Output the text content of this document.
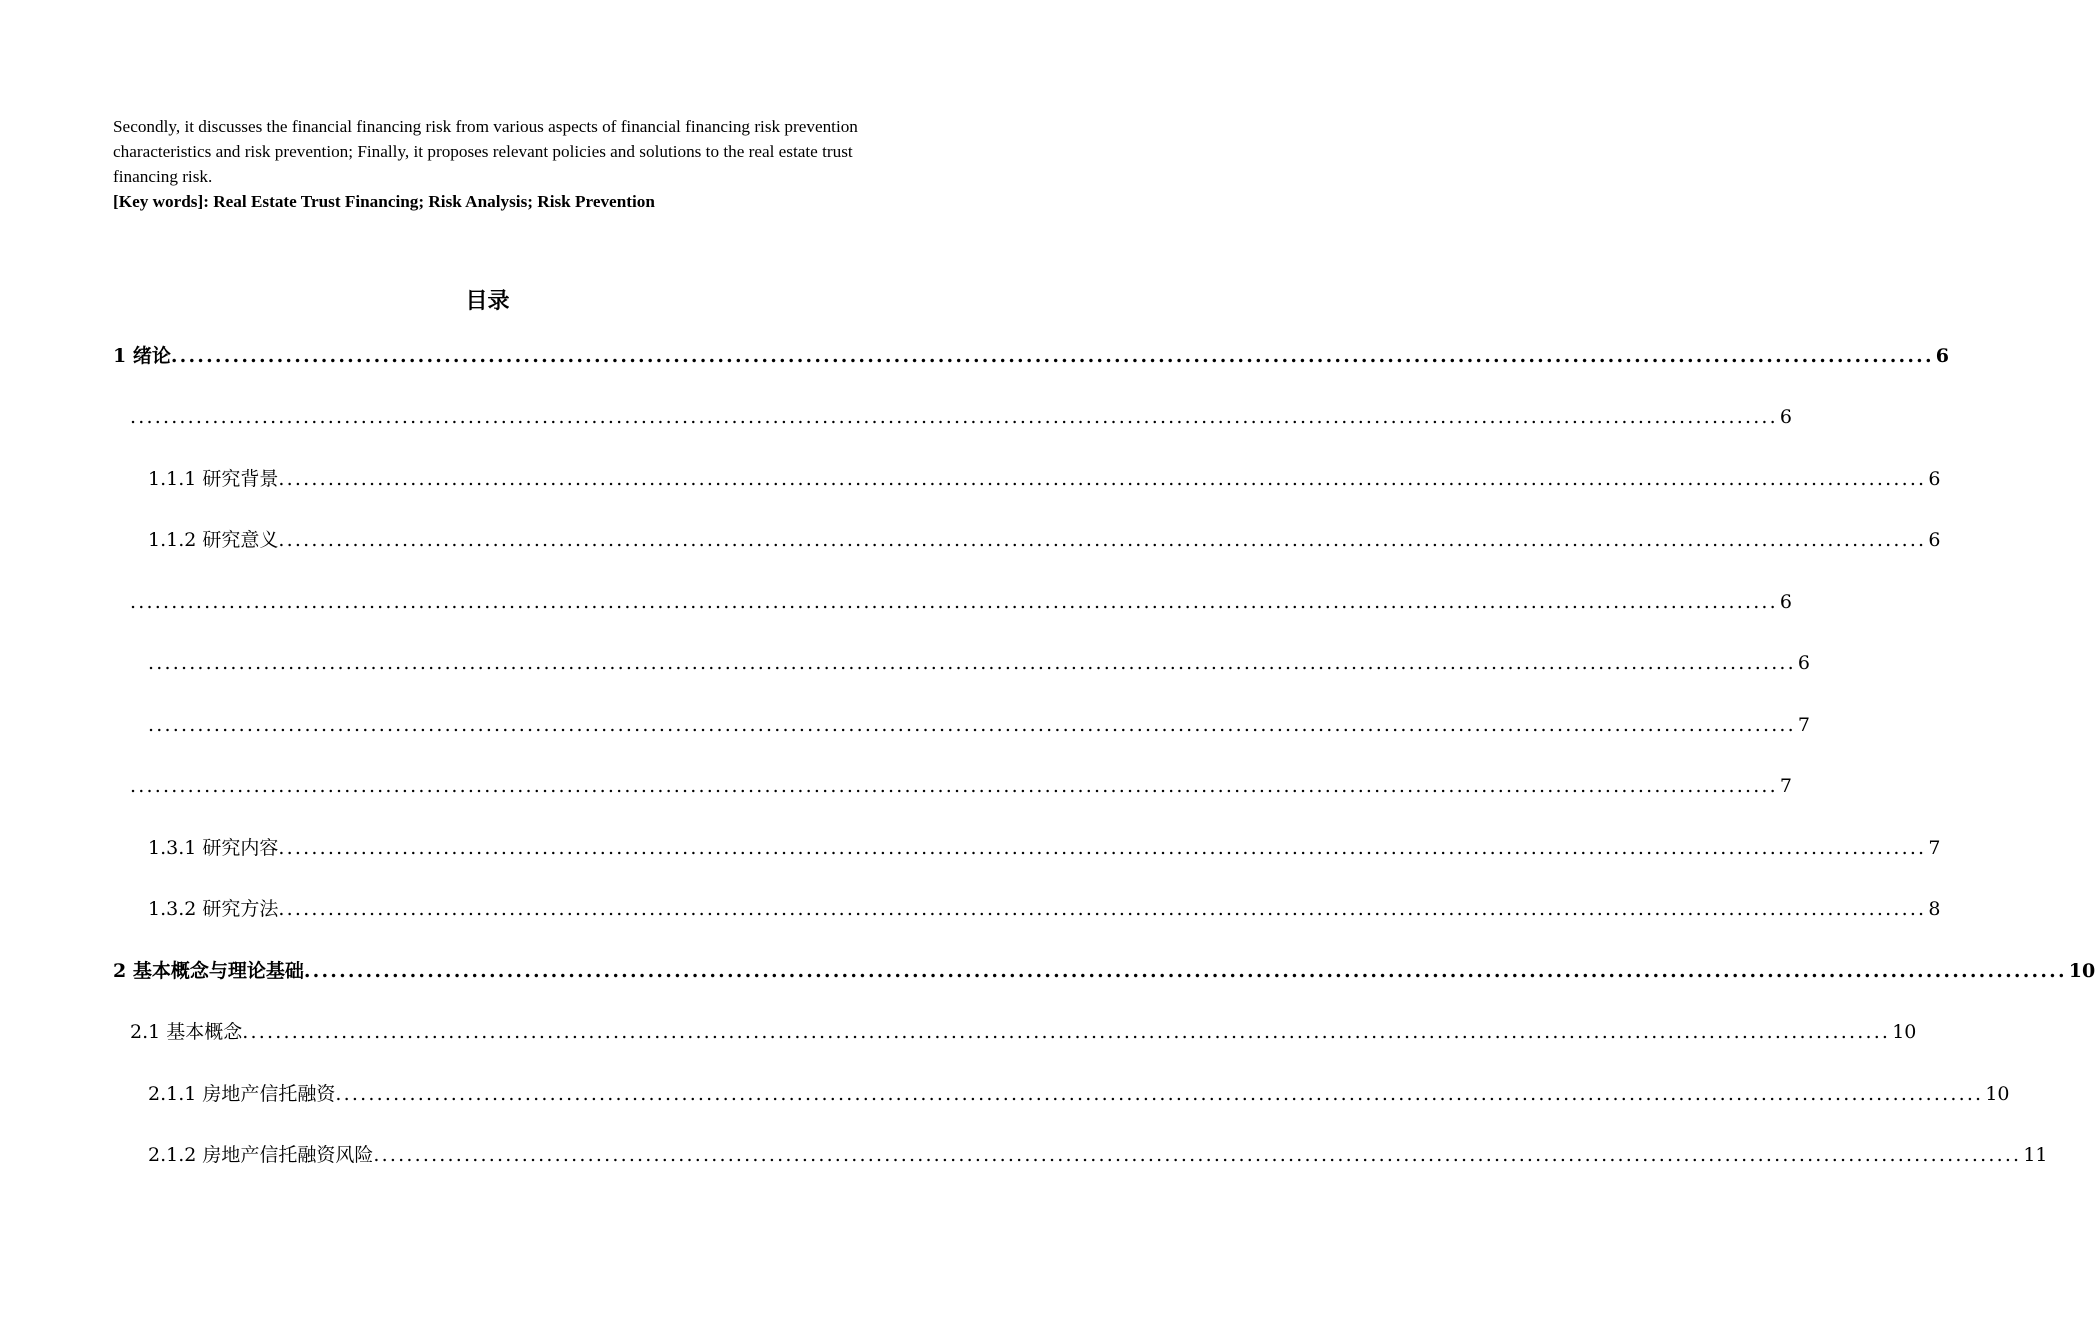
Secondly, it discusses the financial financing risk from various aspects of financial financing risk prevention characteristics and risk prevention; Finally, it proposes relevant policies and solutions to the real estate trust financing risk.

[Key words]: Real Estate Trust Financing; Risk Analysis; Risk Prevention

目录
1 绪论 ........................................................................................................................................................................................................ 6
........................................................................................................................................................................................................ 6
1.1.1 研究背景 ........................................................................................................................................................................................................ 6
1.1.2 研究意义 ........................................................................................................................................................................................................ 6
........................................................................................................................................................................................................ 6
........................................................................................................................................................................................................ 6
........................................................................................................................................................................................................ 7
........................................................................................................................................................................................................ 7
1.3.1 研究内容 ........................................................................................................................................................................................................ 7
1.3.2 研究方法 ........................................................................................................................................................................................................ 8
2 基本概念与理论基础 ........................................................................................................................................................................................................ 10
2.1 基本概念 ........................................................................................................................................................................................................ 10
2.1.1 房地产信托融资 ........................................................................................................................................................................................................ 10
2.1.2 房地产信托融资风险 ........................................................................................................................................................................................................ 11
